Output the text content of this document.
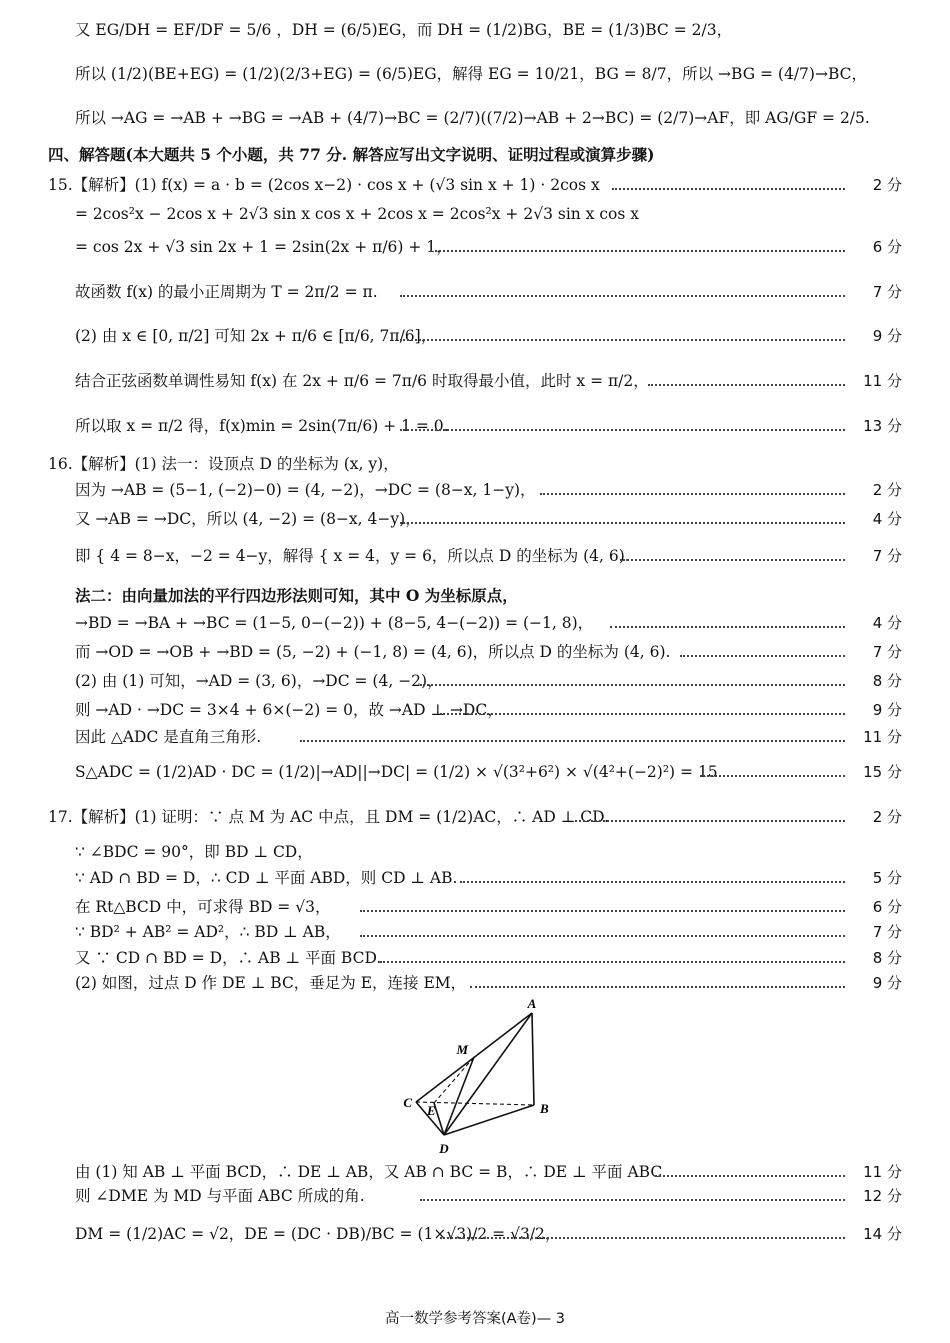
又 EG/DH = EF/DF = 5/6 ，DH = (6/5)EG，而 DH = (1/2)BG，BE = (1/3)BC = 2/3，
所以 (1/2)(BE+EG) = (1/2)(2/3+EG) = (6/5)EG，解得 EG = 10/21，BG = 8/7，所以 →BG = (4/7)→BC，
所以 →AG = →AB + →BG = →AB + (4/7)→BC = (2/7)((7/2)→AB + 2→BC) = (2/7)→AF，即 AG/GF = 2/5.
四、解答题(本大题共 5 个小题，共 77 分. 解答应写出文字说明、证明过程或演算步骤)
15.【解析】(1) f(x) = a · b = (2cos x−2) · cos x + (√3 sin x + 1) · 2cos x	2 分
= 2cos²x − 2cos x + 2√3 sin x cos x + 2cos x = 2cos²x + 2√3 sin x cos x
= cos 2x + √3 sin 2x + 1 = 2sin(2x + π/6) + 1，	6 分
故函数 f(x) 的最小正周期为 T = 2π/2 = π.	7 分
(2) 由 x ∈ [0, π/2] 可知 2x + π/6 ∈ [π/6, 7π/6]，	9 分
结合正弦函数单调性易知 f(x) 在 2x + π/6 = 7π/6 时取得最小值，此时 x = π/2，	11 分
所以取 x = π/2 得，f(x)min = 2sin(7π/6) + 1 = 0.	13 分
16.【解析】(1) 法一：设顶点 D 的坐标为 (x, y)，
因为 →AB = (5−1, (−2)−0) = (4, −2)，→DC = (8−x, 1−y)，	2 分
又 →AB = →DC，所以 (4, −2) = (8−x, 4−y)，	4 分
即 { 4 = 8−x，−2 = 4−y，解得 { x = 4，y = 6，所以点 D 的坐标为 (4, 6).	7 分
法二：由向量加法的平行四边形法则可知，其中 O 为坐标原点，
→BD = →BA + →BC = (1−5, 0−(−2)) + (8−5, 4−(−2)) = (−1, 8)，	4 分
而 →OD = →OB + →BD = (5, −2) + (−1, 8) = (4, 6)，所以点 D 的坐标为 (4, 6).	7 分
(2) 由 (1) 可知，→AD = (3, 6)，→DC = (4, −2)，	8 分
则 →AD · →DC = 3×4 + 6×(−2) = 0，故 →AD ⊥ →DC，	9 分
因此 △ADC 是直角三角形.	11 分
S△ADC = (1/2)AD · DC = (1/2)|→AD||→DC| = (1/2) × √(3²+6²) × √(4²+(−2)²) = 15.	15 分
17.【解析】(1) 证明：∵ 点 M 为 AC 中点，且 DM = (1/2)AC，∴ AD ⊥ CD.	2 分
∵ ∠BDC = 90°，即 BD ⊥ CD，
∵ AD ∩ BD = D，∴ CD ⊥ 平面 ABD，则 CD ⊥ AB.	5 分
在 Rt△BCD 中，可求得 BD = √3，	6 分
∵ BD² + AB² = AD²，∴ BD ⊥ AB，	7 分
又 ∵ CD ∩ BD = D，∴ AB ⊥ 平面 BCD.	8 分
(2) 如图，过点 D 作 DE ⊥ BC，垂足为 E，连接 EM，	9 分
A
M
C
E	B
D
由 (1) 知 AB ⊥ 平面 BCD，∴ DE ⊥ AB，又 AB ∩ BC = B，∴ DE ⊥ 平面 ABC.	11 分
则 ∠DME 为 MD 与平面 ABC 所成的角.	12 分
DM = (1/2)AC = √2，DE = (DC · DB)/BC = (1×√3)/2 = √3/2，	14 分
高一数学参考答案(A卷)— 3
